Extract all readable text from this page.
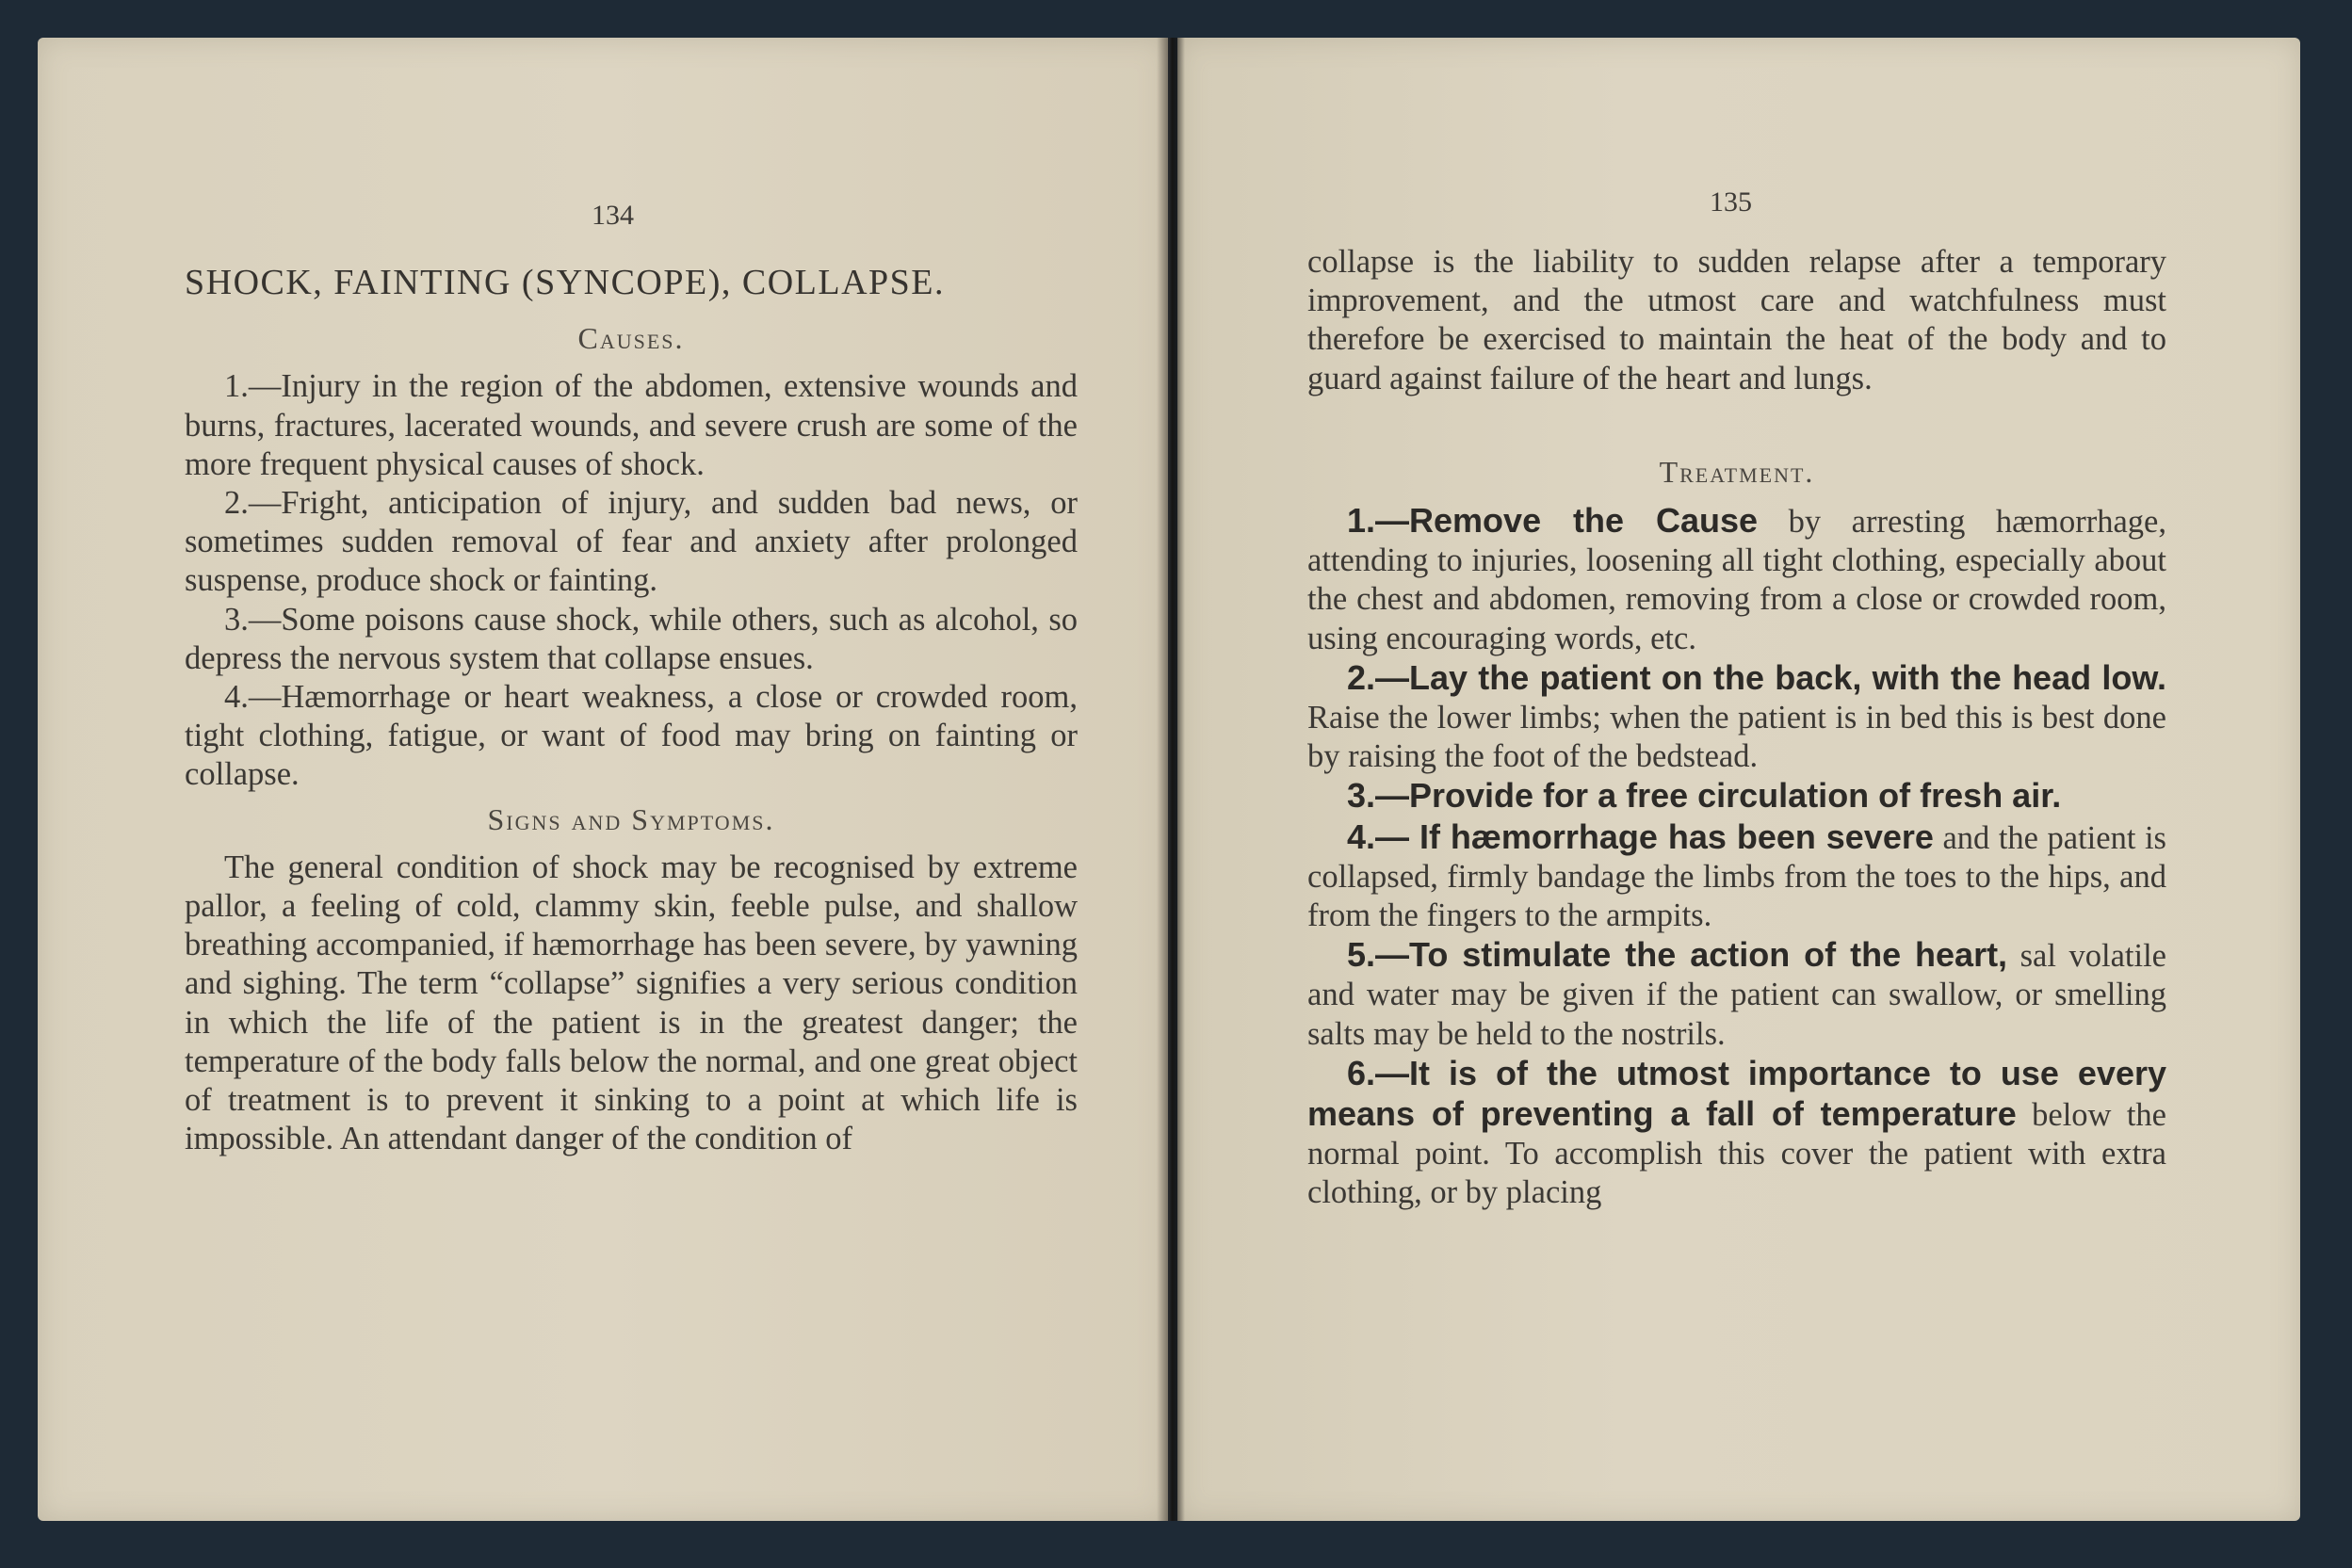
134
SHOCK, FAINTING (SYNCOPE), COLLAPSE.
Causes.

1.—Injury in the region of the abdomen, extensive wounds and burns, fractures, lacerated wounds, and severe crush are some of the more frequent physical causes of shock.

2.—Fright, anticipation of injury, and sudden bad news, or sometimes sudden removal of fear and anxiety after prolonged suspense, produce shock or fainting.

3.—Some poisons cause shock, while others, such as alcohol, so depress the nervous system that collapse ensues.

4.—Hæmorrhage or heart weakness, a close or crowded room, tight clothing, fatigue, or want of food may bring on fainting or collapse.

Signs and Symptoms.

The general condition of shock may be recognised by extreme pallor, a feeling of cold, clammy skin, feeble pulse, and shallow breathing accompanied, if hæmorrhage has been severe, by yawning and sighing. The term “collapse” signifies a very serious condition in which the life of the patient is in the greatest danger; the temperature of the body falls below the normal, and one great object of treatment is to prevent it sinking to a point at which life is impossible. An attendant danger of the condition of

135

collapse is the liability to sudden relapse after a temporary improvement, and the utmost care and watchfulness must therefore be exercised to maintain the heat of the body and to guard against failure of the heart and lungs.

Treatment.

1.—Remove the Cause by arresting hæmorrhage, attending to injuries, loosening all tight clothing, especially about the chest and abdomen, removing from a close or crowded room, using encouraging words, etc.

2.—Lay the patient on the back, with the head low. Raise the lower limbs; when the patient is in bed this is best done by raising the foot of the bedstead.

3.—Provide for a free circulation of fresh air.

4.— If hæmorrhage has been severe and the patient is collapsed, firmly bandage the limbs from the toes to the hips, and from the fingers to the armpits.

5.—To stimulate the action of the heart, sal volatile and water may be given if the patient can swallow, or smelling salts may be held to the nostrils.

6.—It is of the utmost importance to use every means of preventing a fall of temperature below the normal point. To accomplish this cover the patient with extra clothing, or by placing
